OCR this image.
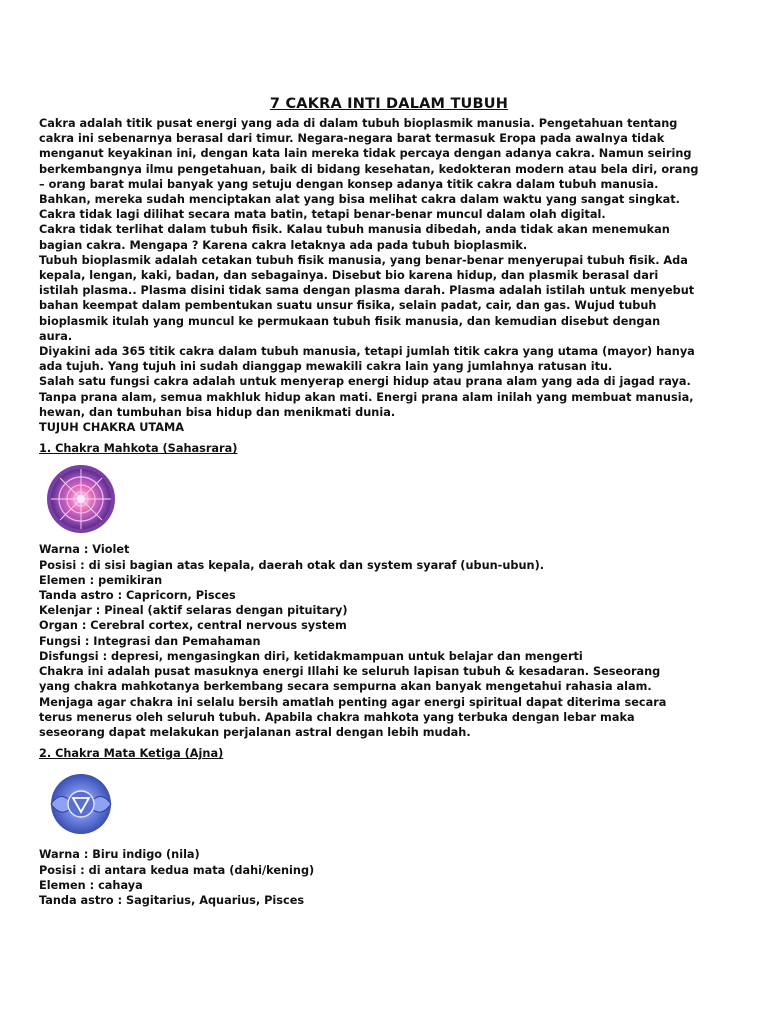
7 CAKRA INTI DALAM TUBUH
Cakra adalah titik pusat energi yang ada di dalam tubuh bioplasmik manusia. Pengetahuan tentang
cakra ini sebenarnya berasal dari timur. Negara-negara barat termasuk Eropa pada awalnya tidak
menganut keyakinan ini, dengan kata lain mereka tidak percaya dengan adanya cakra. Namun seiring
berkembangnya ilmu pengetahuan, baik di bidang kesehatan, kedokteran modern atau bela diri, orang
– orang barat mulai banyak yang setuju dengan konsep adanya titik cakra dalam tubuh manusia.
Bahkan, mereka sudah menciptakan alat yang bisa melihat cakra dalam waktu yang sangat singkat.
Cakra tidak lagi dilihat secara mata batin, tetapi benar-benar muncul dalam olah digital.
Cakra tidak terlihat dalam tubuh fisik. Kalau tubuh manusia dibedah, anda tidak akan menemukan
bagian cakra. Mengapa ? Karena cakra letaknya ada pada tubuh bioplasmik.
Tubuh bioplasmik adalah cetakan tubuh fisik manusia, yang benar-benar menyerupai tubuh fisik. Ada
kepala, lengan, kaki, badan, dan sebagainya. Disebut bio karena hidup, dan plasmik berasal dari
istilah plasma.. Plasma disini tidak sama dengan plasma darah. Plasma adalah istilah untuk menyebut
bahan keempat dalam pembentukan suatu unsur fisika, selain padat, cair, dan gas. Wujud tubuh
bioplasmik itulah yang muncul ke permukaan tubuh fisik manusia, dan kemudian disebut dengan
aura.
Diyakini ada 365 titik cakra dalam tubuh manusia, tetapi jumlah titik cakra yang utama (mayor) hanya
ada tujuh. Yang tujuh ini sudah dianggap mewakili cakra lain yang jumlahnya ratusan itu.
Salah satu fungsi cakra adalah untuk menyerap energi hidup atau prana alam yang ada di jagad raya.
Tanpa prana alam, semua makhluk hidup akan mati. Energi prana alam inilah yang membuat manusia,
hewan, dan tumbuhan bisa hidup dan menikmati dunia.
TUJUH CHAKRA UTAMA
1. Chakra Mahkota (Sahasrara)
Warna : Violet
Posisi : di sisi bagian atas kepala, daerah otak dan system syaraf (ubun-ubun).
Elemen : pemikiran
Tanda astro : Capricorn, Pisces
Kelenjar : Pineal (aktif selaras dengan pituitary)
Organ : Cerebral cortex, central nervous system
Fungsi : Integrasi dan Pemahaman
Disfungsi : depresi, mengasingkan diri, ketidakmampuan untuk belajar dan mengerti
Chakra ini adalah pusat masuknya energi Illahi ke seluruh lapisan tubuh & kesadaran. Seseorang
yang chakra mahkotanya berkembang secara sempurna akan banyak mengetahui rahasia alam.
Menjaga agar chakra ini selalu bersih amatlah penting agar energi spiritual dapat diterima secara
terus menerus oleh seluruh tubuh. Apabila chakra mahkota yang terbuka dengan lebar maka
seseorang dapat melakukan perjalanan astral dengan lebih mudah.
2. Chakra Mata Ketiga (Ajna)
Warna : Biru indigo (nila)
Posisi : di antara kedua mata (dahi/kening)
Elemen : cahaya
Tanda astro : Sagitarius, Aquarius, Pisces
